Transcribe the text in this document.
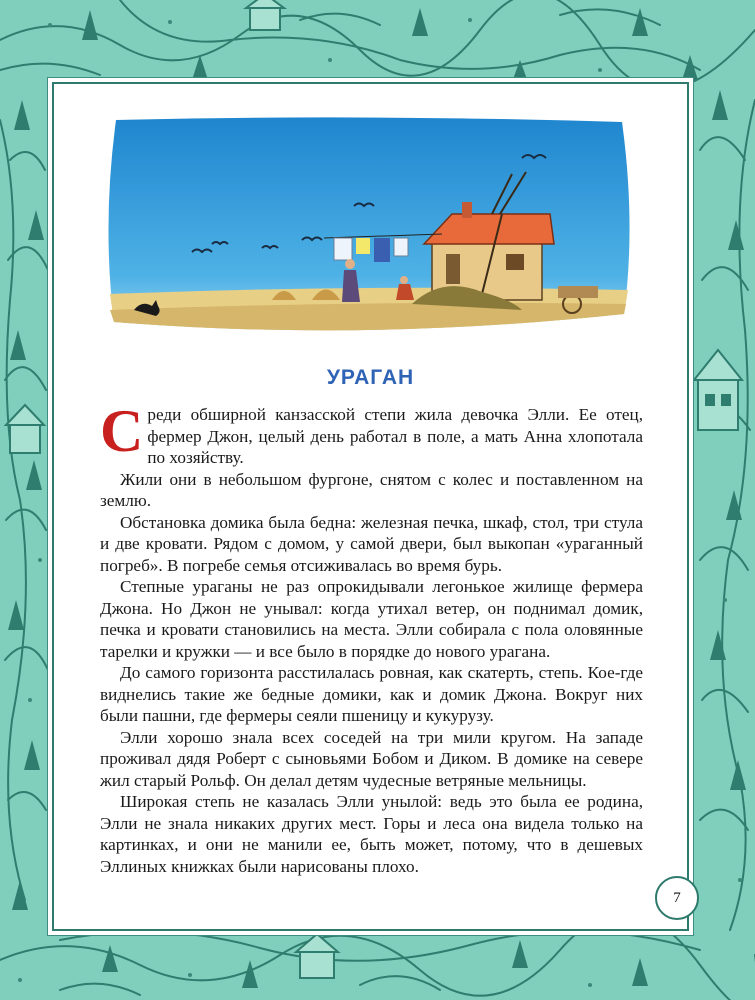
УРАГАН

Среди обширной канзасской степи жила девочка Элли. Ее отец, фермер Джон, целый день работал в поле, а мать Анна хлопотала по хозяйству.

Жили они в небольшом фургоне, снятом с колес и поставленном на землю.

Обстановка домика была бедна: железная печка, шкаф, стол, три стула и две кровати. Рядом с домом, у самой двери, был выкопан «ураганный погреб». В погребе семья отсиживалась во время бурь.

Степные ураганы не раз опрокидывали легонькое жилище фермера Джона. Но Джон не унывал: когда утихал ветер, он поднимал домик, печка и кровати становились на места. Элли собирала с пола оловянные тарелки и кружки — и все было в порядке до нового урагана.

До самого горизонта расстилалась ровная, как скатерть, степь. Кое-где виднелись такие же бедные домики, как и домик Джона. Вокруг них были пашни, где фермеры сеяли пшеницу и кукурузу.

Элли хорошо знала всех соседей на три мили кругом. На западе проживал дядя Роберт с сыновьями Бобом и Диком. В домике на севере жил старый Рольф. Он делал детям чудесные ветряные мельницы.

Широкая степь не казалась Элли унылой: ведь это была ее родина, Элли не знала никаких других мест. Горы и леса она видела только на картинках, и они не манили ее, быть может, потому, что в дешевых Эллиных книжках были нарисованы плохо.

7
